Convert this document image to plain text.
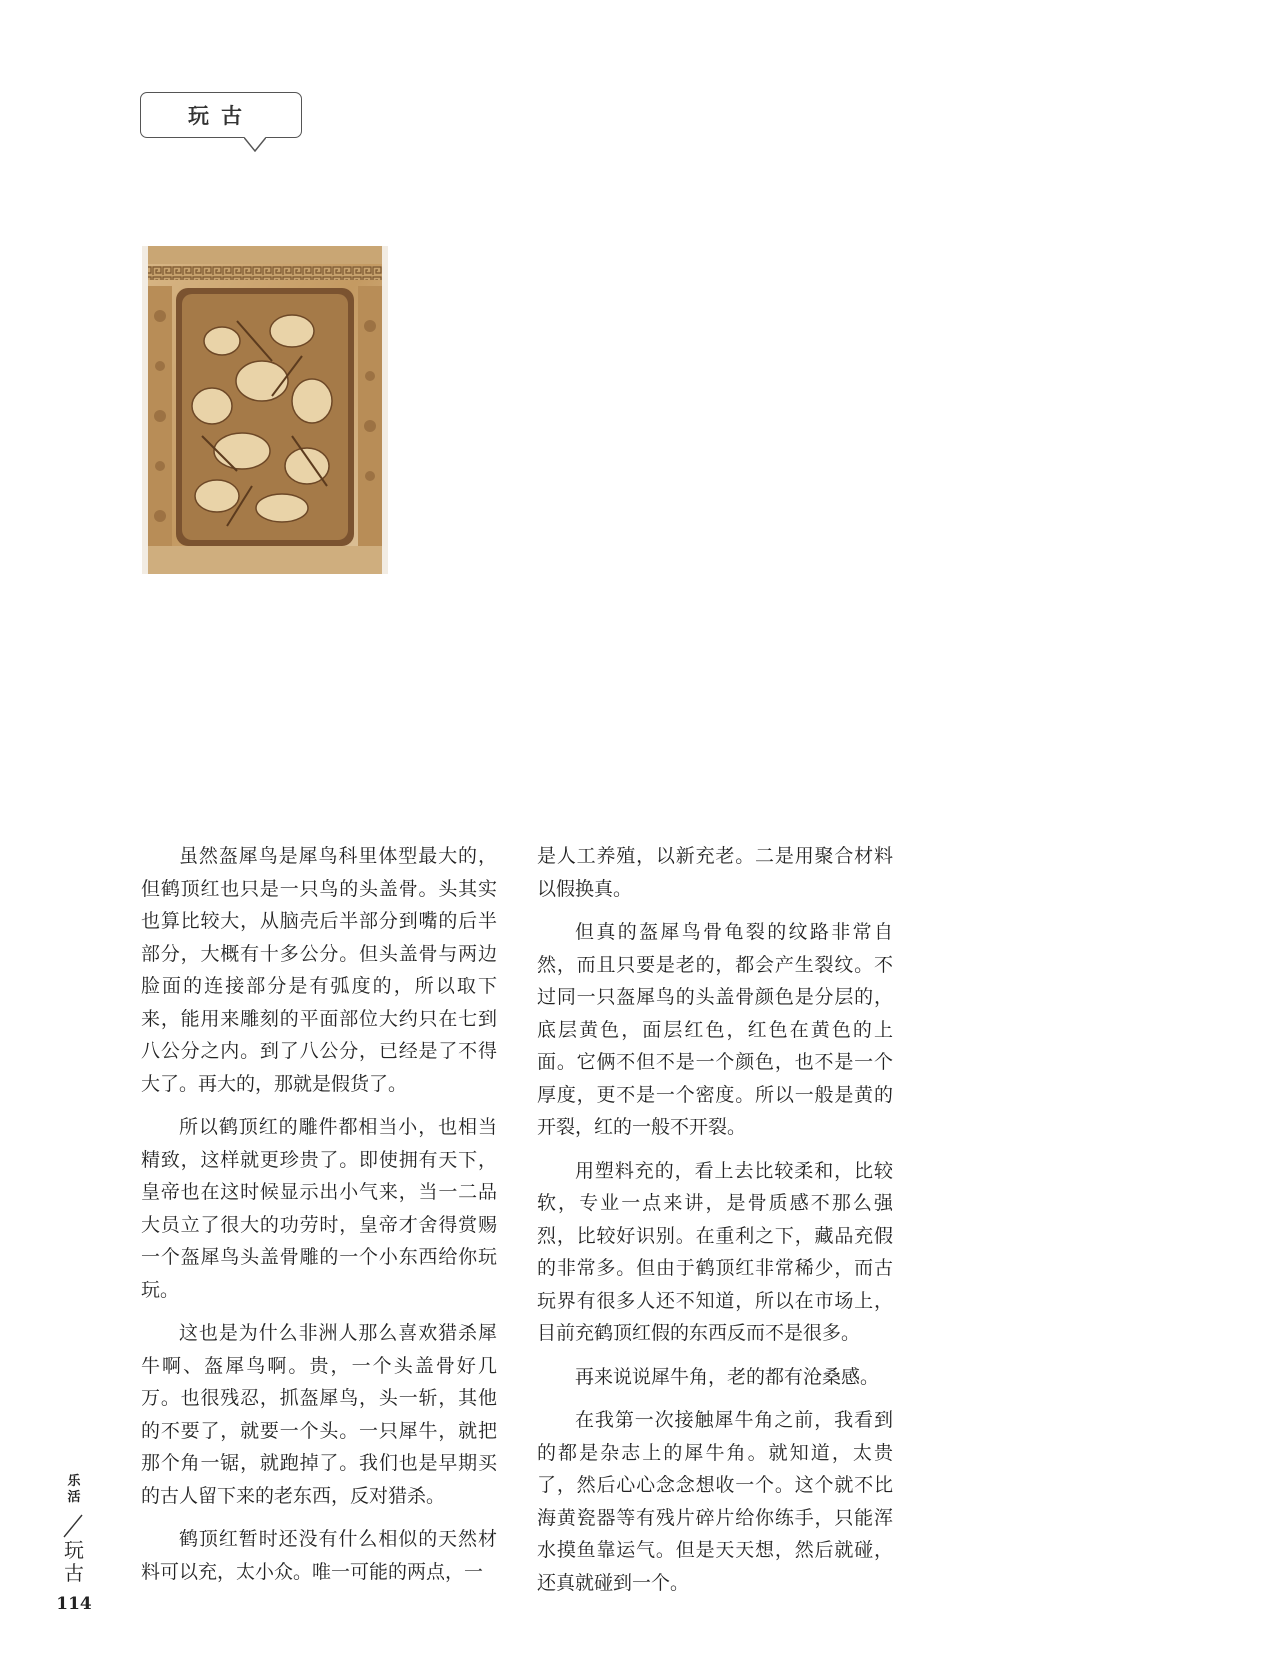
玩古

虽然盔犀鸟是犀鸟科里体型最大的，但鹤顶红也只是一只鸟的头盖骨。头其实也算比较大，从脑壳后半部分到嘴的后半部分，大概有十多公分。但头盖骨与两边脸面的连接部分是有弧度的，所以取下来，能用来雕刻的平面部位大约只在七到八公分之内。到了八公分，已经是了不得大了。再大的，那就是假货了。

所以鹤顶红的雕件都相当小，也相当精致，这样就更珍贵了。即使拥有天下，皇帝也在这时候显示出小气来，当一二品大员立了很大的功劳时，皇帝才舍得赏赐一个盔犀鸟头盖骨雕的一个小东西给你玩玩。

这也是为什么非洲人那么喜欢猎杀犀牛啊、盔犀鸟啊。贵，一个头盖骨好几万。也很残忍，抓盔犀鸟，头一斩，其他的不要了，就要一个头。一只犀牛，就把那个角一锯，就跑掉了。我们也是早期买的古人留下来的老东西，反对猎杀。

鹤顶红暂时还没有什么相似的天然材料可以充，太小众。唯一可能的两点，一

是人工养殖，以新充老。二是用聚合材料以假换真。

但真的盔犀鸟骨龟裂的纹路非常自然，而且只要是老的，都会产生裂纹。不过同一只盔犀鸟的头盖骨颜色是分层的，底层黄色，面层红色，红色在黄色的上面。它俩不但不是一个颜色，也不是一个厚度，更不是一个密度。所以一般是黄的开裂，红的一般不开裂。

用塑料充的，看上去比较柔和，比较软，专业一点来讲，是骨质感不那么强烈，比较好识别。在重利之下，藏品充假的非常多。但由于鹤顶红非常稀少，而古玩界有很多人还不知道，所以在市场上，目前充鹤顶红假的东西反而不是很多。

再来说说犀牛角，老的都有沧桑感。

在我第一次接触犀牛角之前，我看到的都是杂志上的犀牛角。就知道，太贵了，然后心心念念想收一个。这个就不比海黄瓷器等有残片碎片给你练手，只能浑水摸鱼靠运气。但是天天想，然后就碰，还真就碰到一个。

乐活
玩古
114
